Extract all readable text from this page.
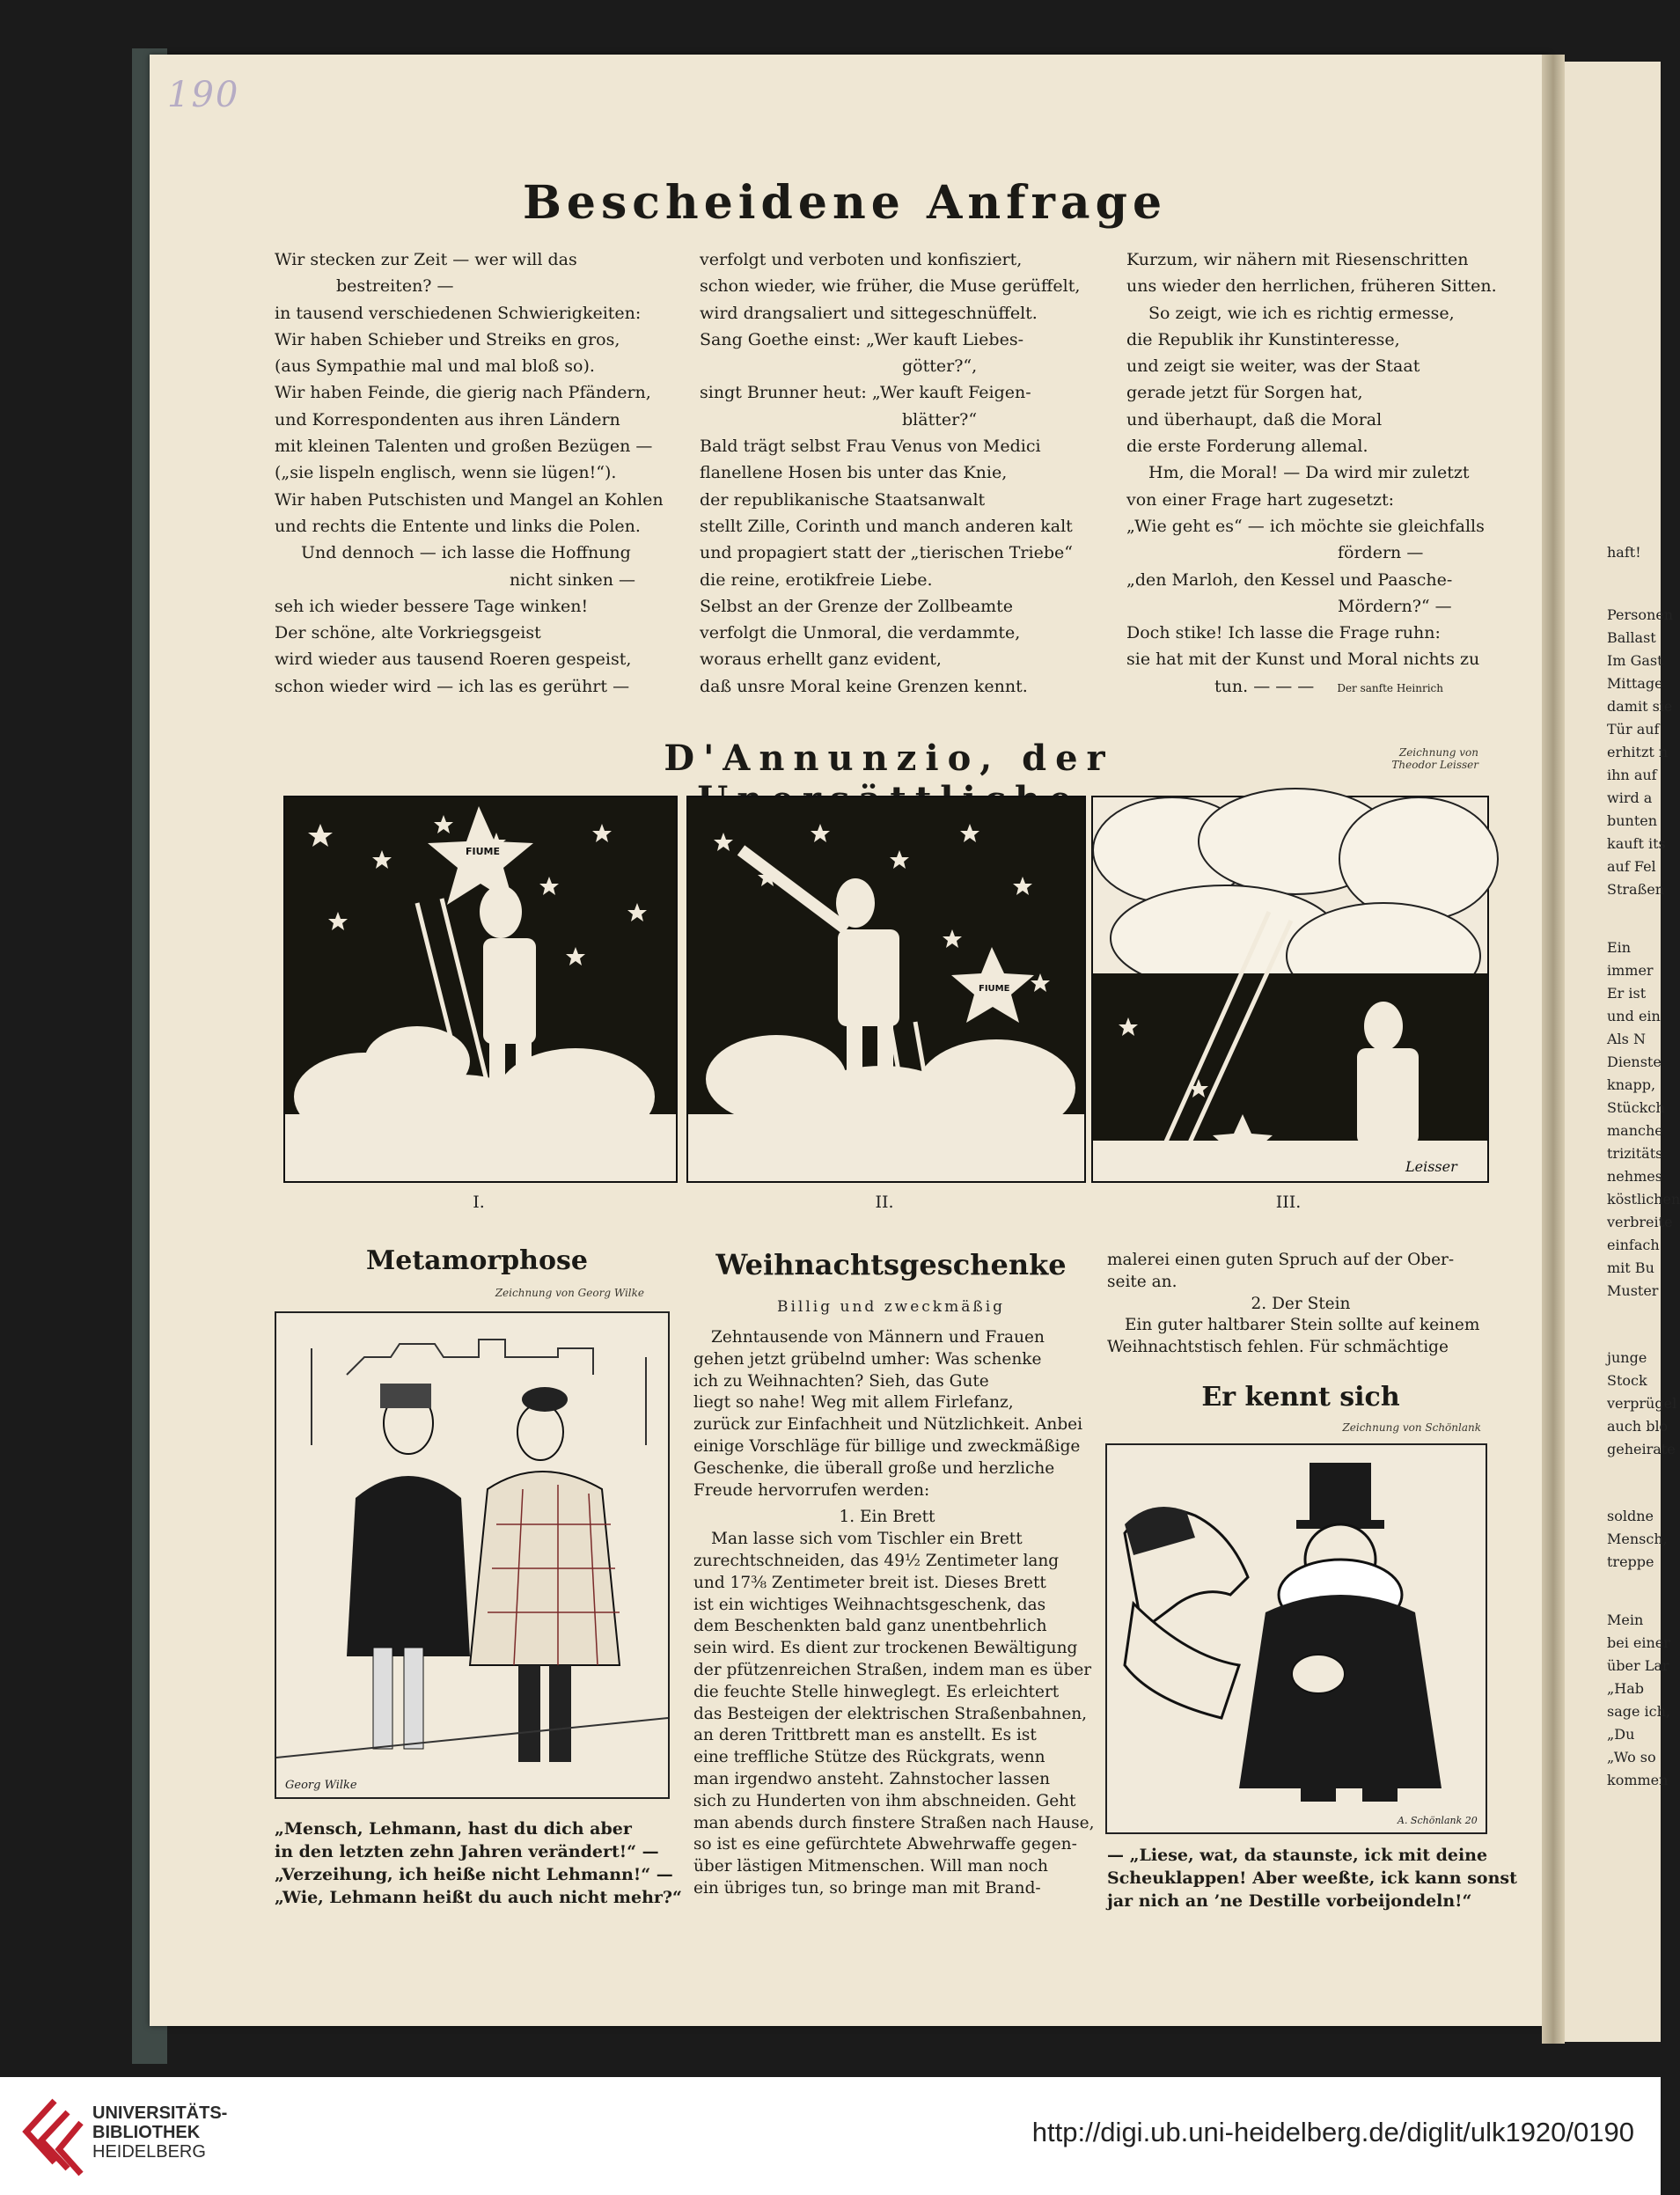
190
Bescheidene Anfrage
Wir stecken zur Zeit — wer will das
bestreiten? —
in tausend verschiedenen Schwierigkeiten:
Wir haben Schieber und Streiks en gros,
(aus Sympathie mal und mal bloß so).
Wir haben Feinde, die gierig nach Pfändern,
und Korrespondenten aus ihren Ländern
mit kleinen Talenten und großen Bezügen —
(„sie lispeln englisch, wenn sie lügen!“).
Wir haben Putschisten und Mangel an Kohlen
und rechts die Entente und links die Polen.
Und dennoch — ich lasse die Hoffnung
nicht sinken —
seh ich wieder bessere Tage winken!
Der schöne, alte Vorkriegsgeist
wird wieder aus tausend Roeren gespeist,
schon wieder wird — ich las es gerührt —
verfolgt und verboten und konfisziert,
schon wieder, wie früher, die Muse gerüffelt,
wird drangsaliert und sittegeschnüffelt.
Sang Goethe einst: „Wer kauft Liebes-
götter?“,
singt Brunner heut: „Wer kauft Feigen-
blätter?“
Bald trägt selbst Frau Venus von Medici
flanellene Hosen bis unter das Knie,
der republikanische Staatsanwalt
stellt Zille, Corinth und manch anderen kalt
und propagiert statt der „tierischen Triebe“
die reine, erotikfreie Liebe.
Selbst an der Grenze der Zollbeamte
verfolgt die Unmoral, die verdammte,
woraus erhellt ganz evident,
daß unsre Moral keine Grenzen kennt.
Kurzum, wir nähern mit Riesenschritten
uns wieder den herrlichen, früheren Sitten.
So zeigt, wie ich es richtig ermesse,
die Republik ihr Kunstinteresse,
und zeigt sie weiter, was der Staat
gerade jetzt für Sorgen hat,
und überhaupt, daß die Moral
die erste Forderung allemal.
Hm, die Moral! — Da wird mir zuletzt
von einer Frage hart zugesetzt:
„Wie geht es“ — ich möchte sie gleichfalls
fördern —
„den Marloh, den Kessel und Paasche-
Mördern?“ —
Doch stike! Ich lasse die Frage ruhn:
sie hat mit der Kunst und Moral nichts zu
tun. — — — Der sanfte Heinrich
D'Annunzio, der	Zeichnung von
Theodor Leisser
FIUME
FIUME
Leisser
I.	II.	III.
Metamorphose
Zeichnung von Georg Wilke
Georg Wilke
„Mensch, Lehmann, hast du dich aber
in den letzten zehn Jahren verändert!“ —
„Verzeihung, ich heiße nicht Lehmann!“ —
„Wie, Lehmann heißt du auch nicht mehr?“
Weihnachtsgeschenke
Billig und zweckmäßig
Zehntausende von Männern und Frauen
gehen jetzt grübelnd umher: Was schenke
ich zu Weihnachten? Sieh, das Gute
liegt so nahe! Weg mit allem Firlefanz,
zurück zur Einfachheit und Nützlichkeit. Anbei
einige Vorschläge für billige und zweckmäßige
Geschenke, die überall große und herzliche
Freude hervorrufen werden:
1. Ein Brett
Man lasse sich vom Tischler ein Brett
zurechtschneiden, das 49½ Zentimeter lang
und 17⅜ Zentimeter breit ist. Dieses Brett
ist ein wichtiges Weihnachtsgeschenk, das
dem Beschenkten bald ganz unentbehrlich
sein wird. Es dient zur trockenen Bewältigung
der pfützenreichen Straßen, indem man es über
die feuchte Stelle hinweglegt. Es erleichtert
das Besteigen der elektrischen Straßenbahnen,
an deren Trittbrett man es anstellt. Es ist
eine treffliche Stütze des Rückgrats, wenn
man irgendwo ansteht. Zahnstocher lassen
sich zu Hunderten von ihm abschneiden. Geht
man abends durch finstere Straßen nach Hause,
so ist es eine gefürchtete Abwehrwaffe gegen-
über lästigen Mitmenschen. Will man noch
ein übriges tun, so bringe man mit Brand-
malerei einen guten Spruch auf der Ober-
seite an.
2. Der Stein
Ein guter haltbarer Stein sollte auf keinem
Weihnachtstisch fehlen. Für schmächtige
Er kennt sich
Zeichnung von Schönlank
A. Schönlank 20
— „Liese, wat, da staunste, ick mit deine
Scheuklappen! Aber weeßte, ick kann sonst
jar nich an ’ne Destille vorbeijondeln!“
haft!
Personen
Ballast
Im Gast
Mittage
damit sie
Tür auf
erhitzt n
ihn auf
wird a
bunten
kauft its
auf Fel
Straßen
Ein
immer
Er ist
und ein
Als N
Dienste
knapp,
Stückch
manche
trizitäts
nehmes
köstlichen
verbreite
einfach
mit Bu
Muster
junge
Stock
verprügel
auch blo
geheirate
soldne
Mensch,
treppe
Mein
bei einer
über Lar
„Hab
sage ich,
„Du
„Wo so
kommen
UNIVERSITÄTS-
BIBLIOTHEK
HEIDELBERG
http://digi.ub.uni-heidelberg.de/diglit/ulk1920/0190
